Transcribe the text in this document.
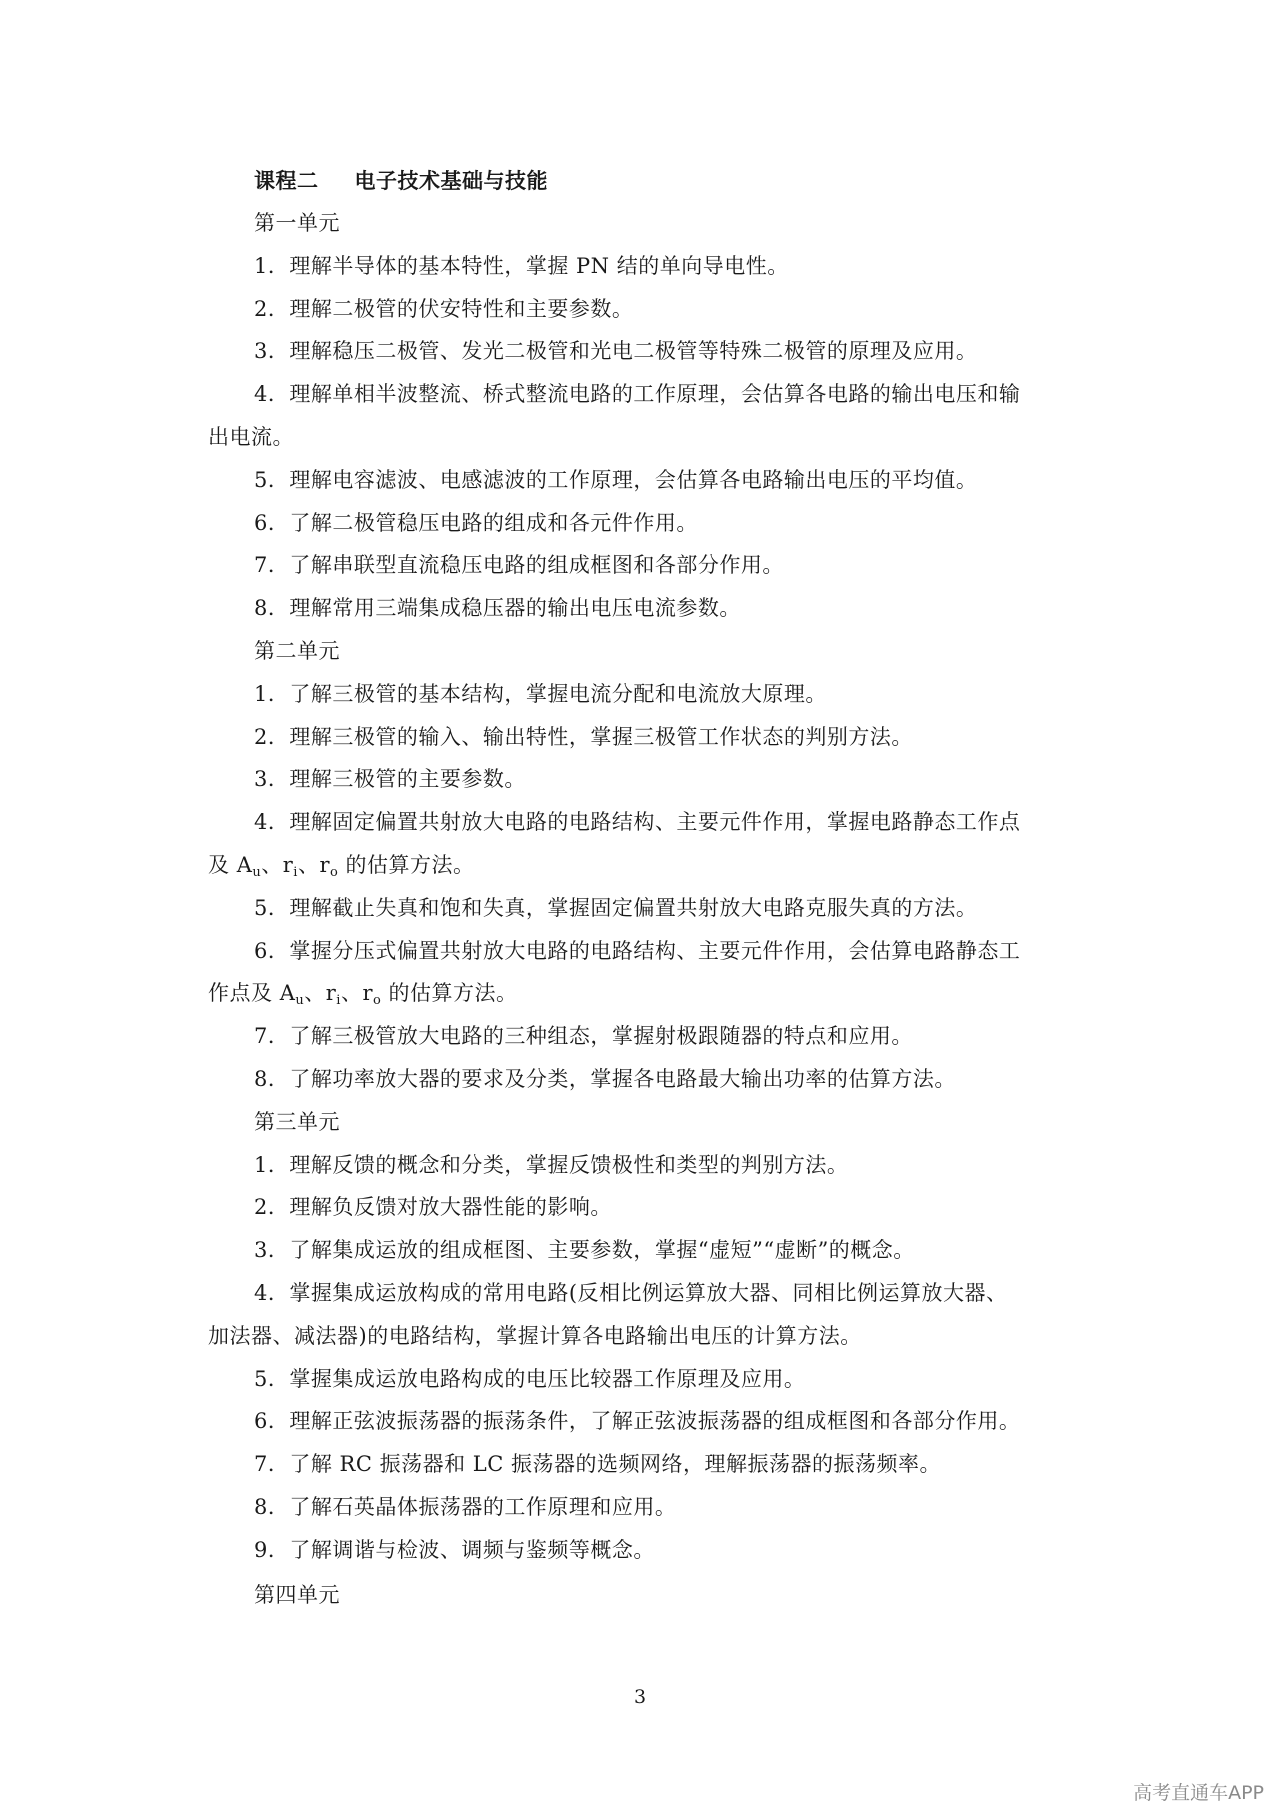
课程二 电子技术基础与技能
第一单元
1．理解半导体的基本特性，掌握 PN 结的单向导电性。
2．理解二极管的伏安特性和主要参数。
3．理解稳压二极管、发光二极管和光电二极管等特殊二极管的原理及应用。
4．理解单相半波整流、桥式整流电路的工作原理，会估算各电路的输出电压和输
出电流。
5．理解电容滤波、电感滤波的工作原理，会估算各电路输出电压的平均值。
6．了解二极管稳压电路的组成和各元件作用。
7．了解串联型直流稳压电路的组成框图和各部分作用。
8．理解常用三端集成稳压器的输出电压电流参数。
第二单元
1．了解三极管的基本结构，掌握电流分配和电流放大原理。
2．理解三极管的输入、输出特性，掌握三极管工作状态的判别方法。
3．理解三极管的主要参数。
4．理解固定偏置共射放大电路的电路结构、主要元件作用，掌握电路静态工作点
及 $A_u$、$r_i$、$r_o$ 的估算方法。
5．理解截止失真和饱和失真，掌握固定偏置共射放大电路克服失真的方法。
6．掌握分压式偏置共射放大电路的电路结构、主要元件作用，会估算电路静态工
作点及 $A_u$、$r_i$、$r_o$ 的估算方法。
7．了解三极管放大电路的三种组态，掌握射极跟随器的特点和应用。
8．了解功率放大器的要求及分类，掌握各电路最大输出功率的估算方法。
第三单元
1．理解反馈的概念和分类，掌握反馈极性和类型的判别方法。
2．理解负反馈对放大器性能的影响。
3．了解集成运放的组成框图、主要参数，掌握“虚短”“虚断”的概念。
4．掌握集成运放构成的常用电路(反相比例运算放大器、同相比例运算放大器、
加法器、减法器)的电路结构，掌握计算各电路输出电压的计算方法。
5．掌握集成运放电路构成的电压比较器工作原理及应用。
6．理解正弦波振荡器的振荡条件，了解正弦波振荡器的组成框图和各部分作用。
7．了解 RC 振荡器和 LC 振荡器的选频网络，理解振荡器的振荡频率。
8．了解石英晶体振荡器的工作原理和应用。
9．了解调谐与检波、调频与鉴频等概念。
第四单元
3
高考直通车APP
